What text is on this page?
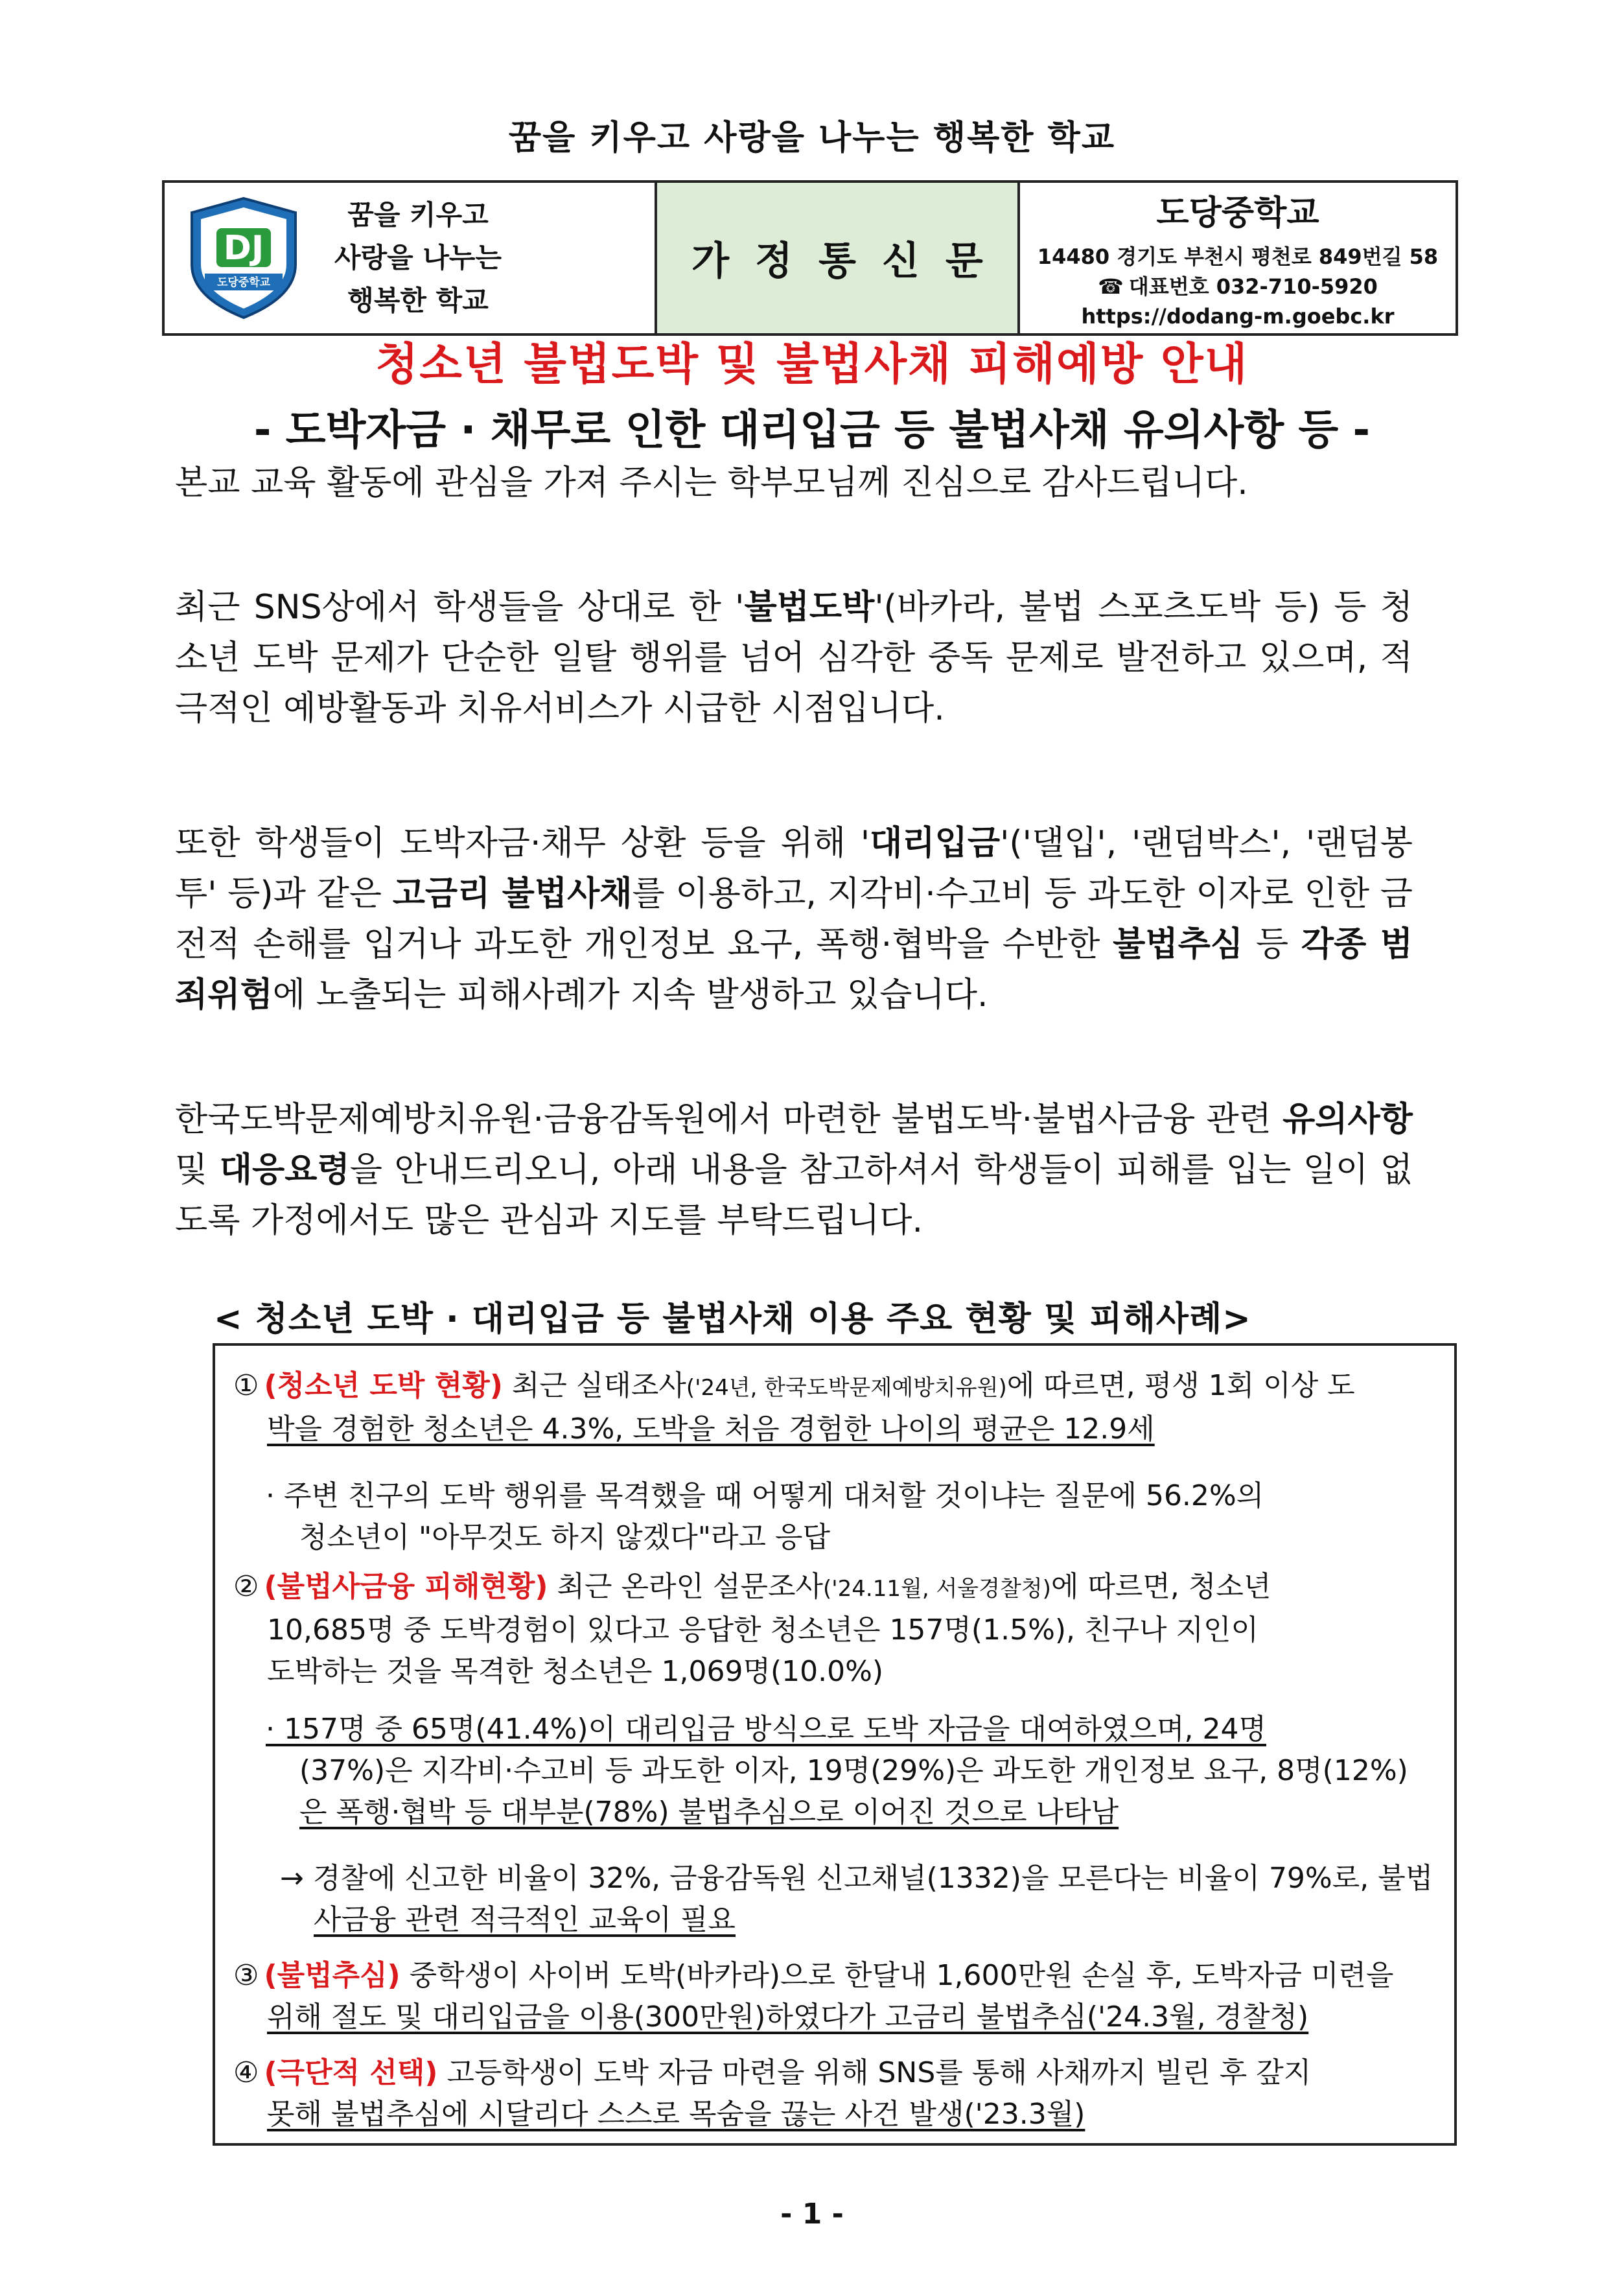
꿈을 키우고 사랑을 나누는 행복한 학교
DJ
도당중학교
꿈을 키우고
사랑을 나누는
행복한 학교
가정통신문
도당중학교
14480 경기도 부천시 평천로 849번길 58
☎ 대표번호 032-710-5920
https://dodang-m.goebc.kr
청소년 불법도박 및 불법사채 피해예방 안내
- 도박자금 · 채무로 인한 대리입금 등 불법사채 유의사항 등 -
본교 교육 활동에 관심을 가져 주시는 학부모님께 진심으로 감사드립니다.
최근 SNS상에서 학생들을 상대로 한 '불법도박'(바카라, 불법 스포츠도박 등) 등 청소년 도박 문제가 단순한 일탈 행위를 넘어 심각한 중독 문제로 발전하고 있으며, 적극적인 예방활동과 치유서비스가 시급한 시점입니다.
또한 학생들이 도박자금·채무 상환 등을 위해 '대리입금'('댈입', '랜덤박스', '랜덤봉투' 등)과 같은 고금리 불법사채를 이용하고, 지각비·수고비 등 과도한 이자로 인한 금전적 손해를 입거나 과도한 개인정보 요구, 폭행·협박을 수반한 불법추심 등 각종 범죄위험에 노출되는 피해사례가 지속 발생하고 있습니다.
한국도박문제예방치유원·금융감독원에서 마련한 불법도박·불법사금융 관련 유의사항 및 대응요령을 안내드리오니, 아래 내용을 참고하셔서 학생들이 피해를 입는 일이 없도록 가정에서도 많은 관심과 지도를 부탁드립니다.
< 청소년 도박 · 대리입금 등 불법사채 이용 주요 현황 및 피해사례>
① (청소년 도박 현황) 최근 실태조사('24년, 한국도박문제예방치유원)에 따르면, 평생 1회 이상 도

박을 경험한 청소년은 4.3%, 도박을 처음 경험한 나이의 평균은 12.9세
· 주변 친구의 도박 행위를 목격했을 때 어떻게 대처할 것이냐는 질문에 56.2%의

청소년이 "아무것도 하지 않겠다"라고 응답
② (불법사금융 피해현황) 최근 온라인 설문조사('24.11월, 서울경찰청)에 따르면, 청소년

10,685명 중 도박경험이 있다고 응답한 청소년은 157명(1.5%), 친구나 지인이
도박하는 것을 목격한 청소년은 1,069명(10.0%)
· 157명 중 65명(41.4%)이 대리입금 방식으로 도박 자금을 대여하였으며, 24명

(37%)은 지각비·수고비 등 과도한 이자, 19명(29%)은 과도한 개인정보 요구, 8명(12%)
은 폭행·협박 등 대부분(78%) 불법추심으로 이어진 것으로 나타남
→ 경찰에 신고한 비율이 32%, 금융감독원 신고채널(1332)을 모른다는 비율이 79%로, 불법

사금융 관련 적극적인 교육이 필요
③ (불법추심) 중학생이 사이버 도박(바카라)으로 한달내 1,600만원 손실 후, 도박자금 미련을

위해 절도 및 대리입금을 이용(300만원)하였다가 고금리 불법추심('24.3월, 경찰청)
④ (극단적 선택) 고등학생이 도박 자금 마련을 위해 SNS를 통해 사채까지 빌린 후 갚지

못해 불법추심에 시달리다 스스로 목숨을 끊는 사건 발생('23.3월)
- 1 -
